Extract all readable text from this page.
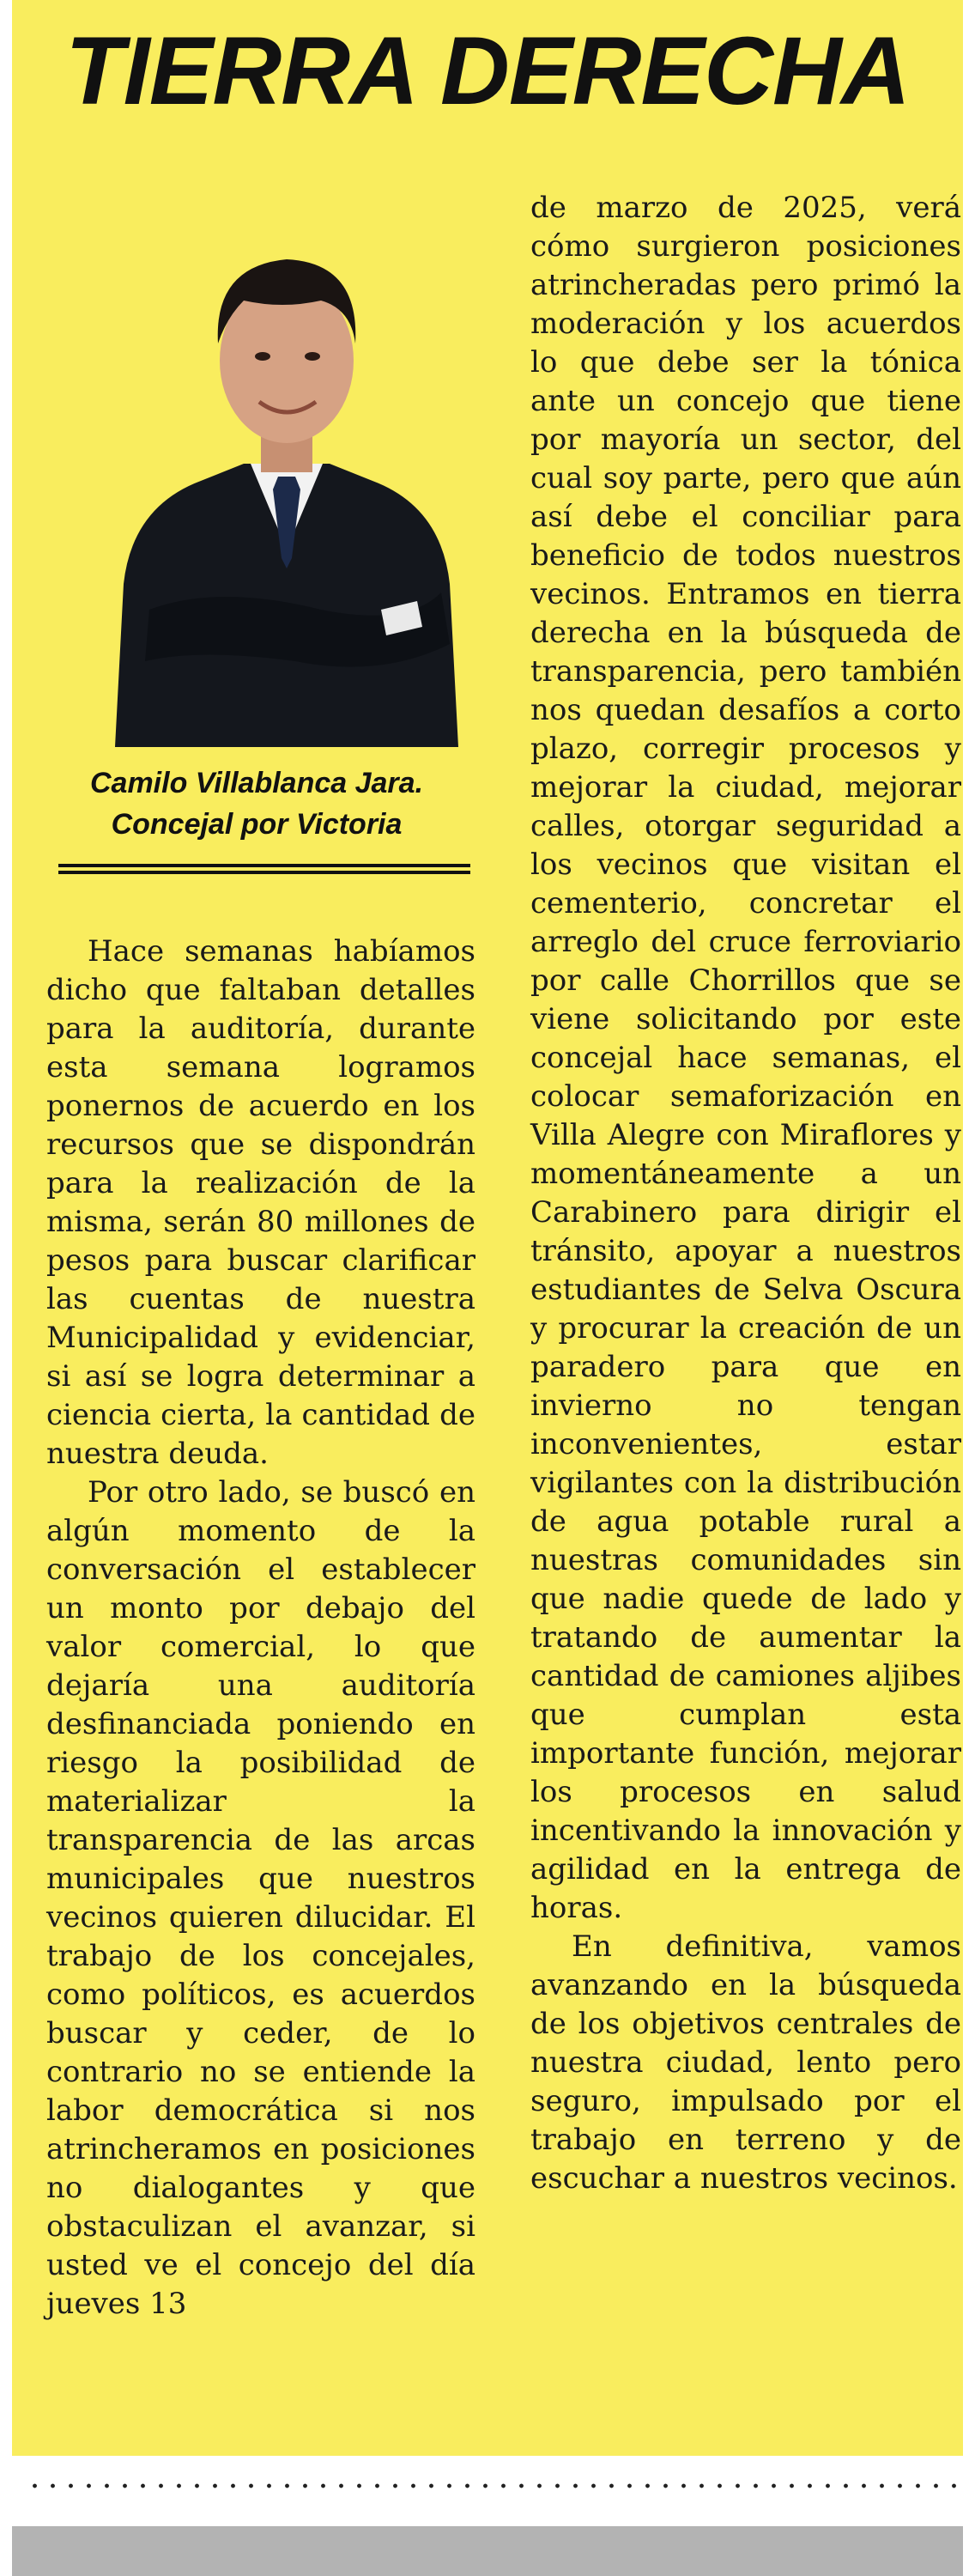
TIERRA DERECHA
Camilo Villablanca Jara.
Concejal por Victoria

Hace semanas habíamos dicho que faltaban detalles para la auditoría, durante esta semana logramos ponernos de acuerdo en los recursos que se dispondrán para la realización de la misma, serán 80 millones de pesos para buscar clarificar las cuentas de nuestra Municipalidad y evidenciar, si así se logra determinar a ciencia cierta, la cantidad de nuestra deuda.

Por otro lado, se buscó en algún momento de la conversación el establecer un monto por debajo del valor comercial, lo que dejaría una auditoría desfinanciada poniendo en riesgo la posibilidad de materializar la transparencia de las arcas municipales que nuestros vecinos quieren dilucidar. El trabajo de los concejales, como políticos, es acuerdos buscar y ceder, de lo contrario no se entiende la labor democrática si nos atrincheramos en posiciones no dialogantes y que obstaculizan el avanzar, si usted ve el concejo del día jueves 13

de marzo de 2025, verá cómo surgieron posiciones atrincheradas pero primó la moderación y los acuerdos lo que debe ser la tónica ante un concejo que tiene por mayoría un sector, del cual soy parte, pero que aún así debe el conciliar para beneficio de todos nuestros vecinos. Entramos en tierra derecha en la búsqueda de transparencia, pero también nos quedan desafíos a corto plazo, corregir procesos y mejorar la ciudad, mejorar calles, otorgar seguridad a los vecinos que visitan el cementerio, concretar el arreglo del cruce ferroviario por calle Chorrillos que se viene solicitando por este concejal hace semanas, el colocar semaforización en Villa Alegre con Miraflores y momentáneamente a un Carabinero para dirigir el tránsito, apoyar a nuestros estudiantes de Selva Oscura y procurar la creación de un paradero para que en invierno no tengan inconvenientes, estar vigilantes con la distribución de agua potable rural a nuestras comunidades sin que nadie quede de lado y tratando de aumentar la cantidad de camiones aljibes que cumplan esta importante función, mejorar los procesos en salud incentivando la innovación y agilidad en la entrega de horas.

En definitiva, vamos avanzando en la búsqueda de los objetivos centrales de nuestra ciudad, lento pero seguro, impulsado por el trabajo en terreno y de escuchar a nuestros vecinos.
